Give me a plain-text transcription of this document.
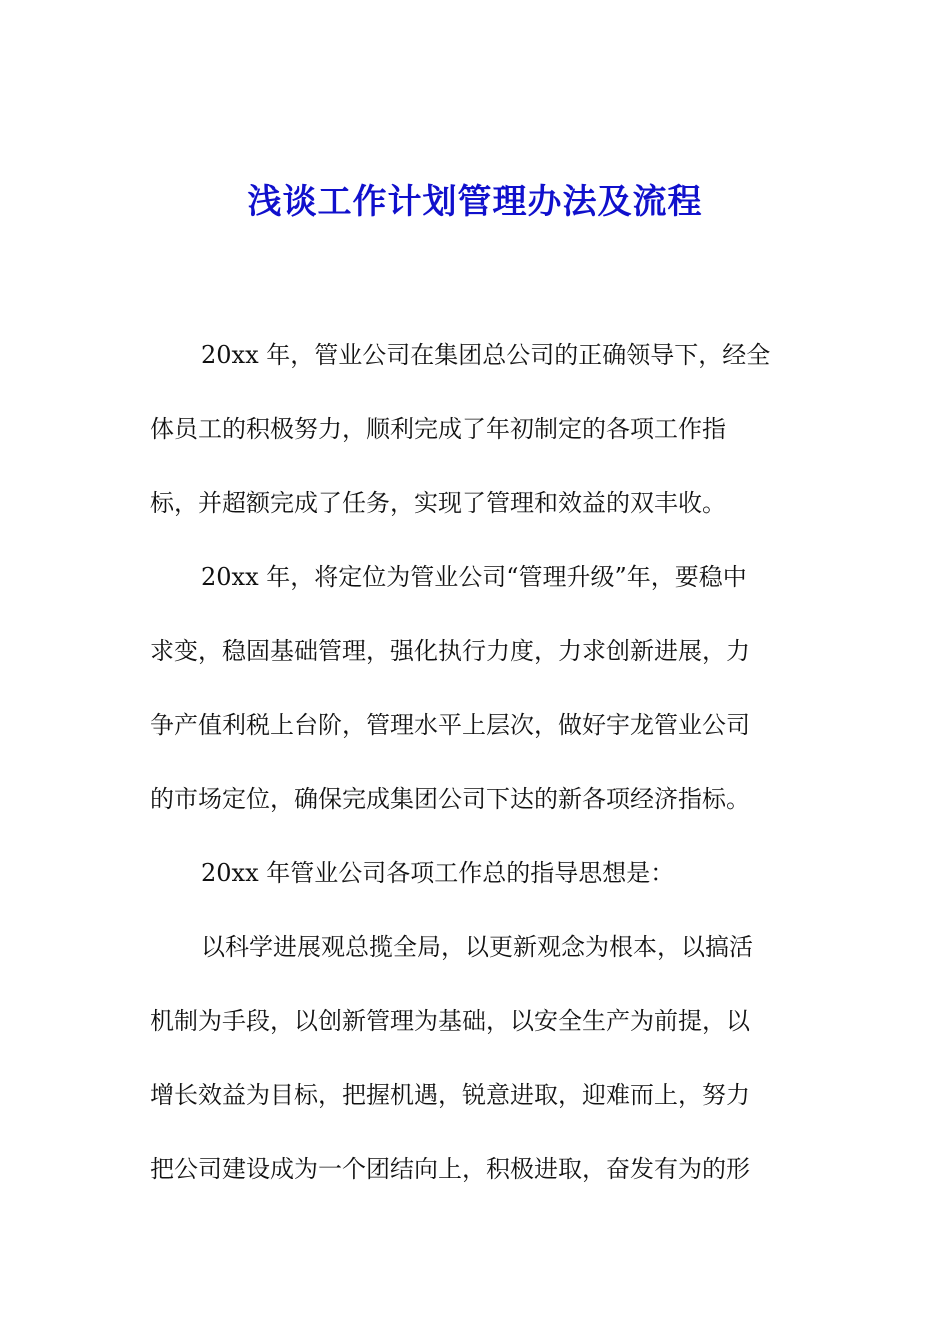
浅谈工作计划管理办法及流程
20xx 年，管业公司在集团总公司的正确领导下，经全
体员工的积极努力，顺利完成了年初制定的各项工作指
标，并超额完成了任务，实现了管理和效益的双丰收。
20xx 年，将定位为管业公司“管理升级”年，要稳中
求变，稳固基础管理，强化执行力度，力求创新进展，力
争产值利税上台阶，管理水平上层次，做好宇龙管业公司
的市场定位，确保完成集团公司下达的新各项经济指标。
20xx 年管业公司各项工作总的指导思想是：
以科学进展观总揽全局，以更新观念为根本，以搞活
机制为手段，以创新管理为基础，以安全生产为前提，以
增长效益为目标，把握机遇，锐意进取，迎难而上，努力
把公司建设成为一个团结向上，积极进取，奋发有为的形
